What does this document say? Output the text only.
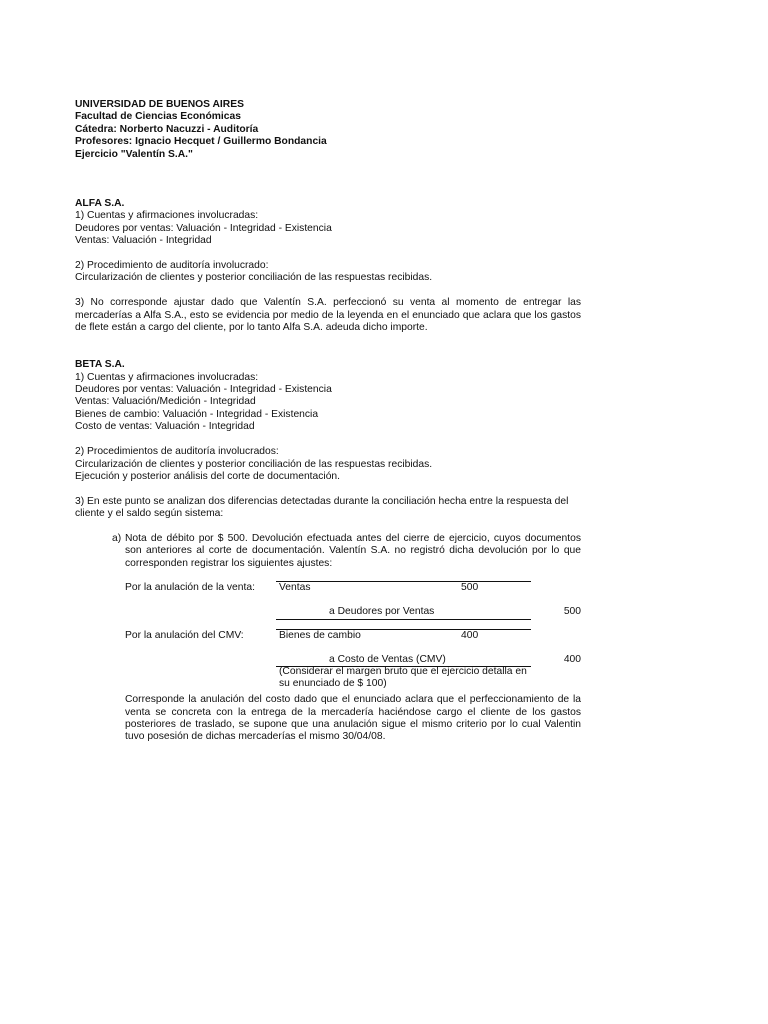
UNIVERSIDAD DE BUENOS AIRES
Facultad de Ciencias Económicas
Cátedra: Norberto Nacuzzi - Auditoría
Profesores: Ignacio Hecquet / Guillermo Bondancia
Ejercicio "Valentín S.A."
ALFA S.A.
1) Cuentas y afirmaciones involucradas:
Deudores por ventas: Valuación - Integridad - Existencia
Ventas: Valuación - Integridad
2) Procedimiento de auditoría involucrado:
Circularización de clientes y posterior conciliación de las respuestas recibidas.

3) No corresponde ajustar dado que Valentín S.A. perfeccionó su venta al momento de entregar las mercaderías a Alfa S.A., esto se evidencia por medio de la leyenda en el enunciado que aclara que los gastos de flete están a cargo del cliente, por lo tanto Alfa S.A. adeuda dicho importe.

BETA S.A.
1) Cuentas y afirmaciones involucradas:
Deudores por ventas: Valuación - Integridad - Existencia
Ventas: Valuación/Medición - Integridad
Bienes de cambio: Valuación - Integridad - Existencia
Costo de ventas: Valuación - Integridad
2) Procedimientos de auditoría involucrados:
Circularización de clientes y posterior conciliación de las respuestas recibidas.
Ejecución y posterior análisis del corte de documentación.

3) En este punto se analizan dos diferencias detectadas durante la conciliación hecha entre la respuesta del cliente y el saldo según sistema:

a) Nota de débito por $ 500. Devolución efectuada antes del cierre de ejercicio, cuyos documentos son anteriores al corte de documentación. Valentín S.A. no registró dicha devolución por lo que corresponden registrar los siguientes ajustes:

Por la anulación de la venta: Ventas	500
a Deudores por Ventas	500
Por la anulación del CMV:	Bienes de cambio	400
a Costo de Ventas (CMV)	400
(Considerar el margen bruto que el ejercicio detalla en su enunciado de $ 100)

Corresponde la anulación del costo dado que el enunciado aclara que el perfeccionamiento de la venta se concreta con la entrega de la mercadería haciéndose cargo el cliente de los gastos posteriores de traslado, se supone que una anulación sigue el mismo criterio por lo cual Valentin tuvo posesión de dichas mercaderías el mismo 30/04/08.
